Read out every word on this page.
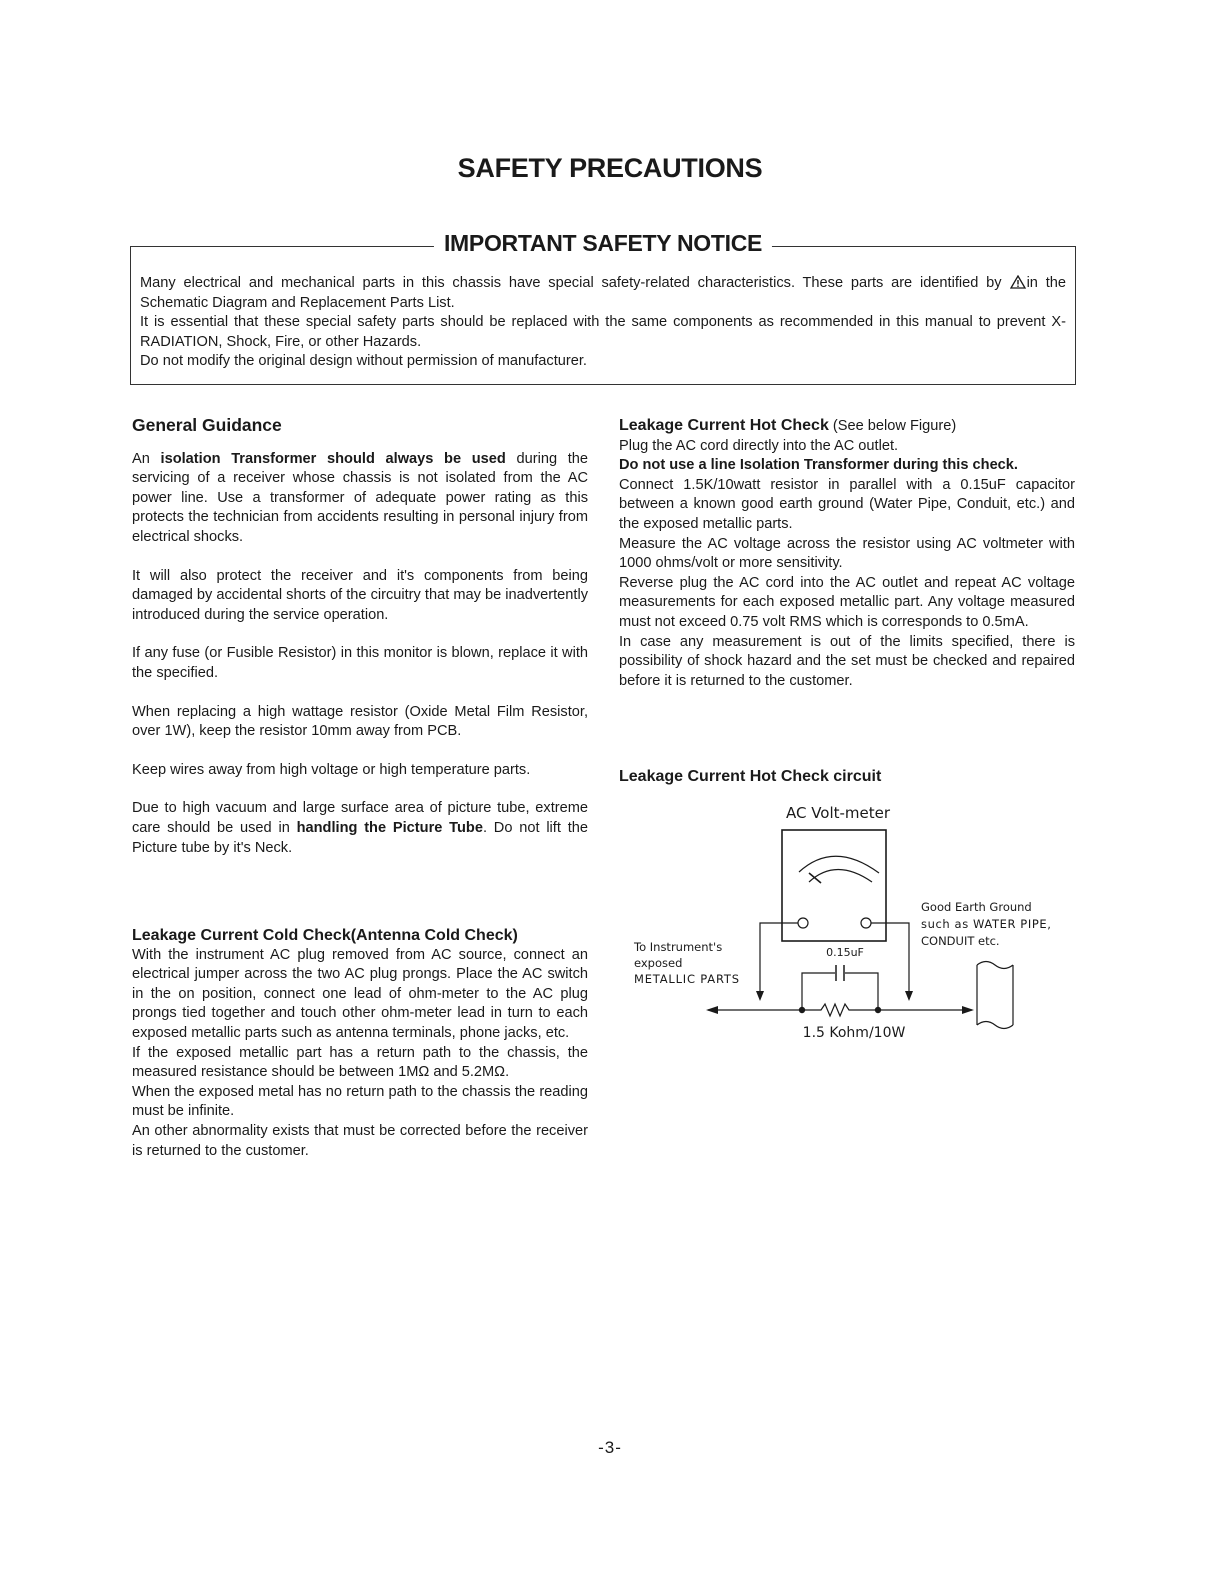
SAFETY PRECAUTIONS
IMPORTANT SAFETY NOTICE

Many electrical and mechanical parts in this chassis have special safety-related characteristics. These parts are identified by in the Schematic Diagram and Replacement Parts List.

It is essential that these special safety parts should be replaced with the same components as recommended in this manual to prevent X-RADIATION, Shock, Fire, or other Hazards.

Do not modify the original design without permission of manufacturer.

General Guidance

An isolation Transformer should always be used during the servicing of a receiver whose chassis is not isolated from the AC power line. Use a transformer of adequate power rating as this protects the technician from accidents resulting in personal injury from electrical shocks.

It will also protect the receiver and it's components from being damaged by accidental shorts of the circuitry that may be inadvertently introduced during the service operation.

If any fuse (or Fusible Resistor) in this monitor is blown, replace it with the specified.

When replacing a high wattage resistor (Oxide Metal Film Resistor, over 1W), keep the resistor 10mm away from PCB.

Keep wires away from high voltage or high temperature parts.

Due to high vacuum and large surface area of picture tube, extreme care should be used in handling the Picture Tube. Do not lift the Picture tube by it's Neck.

Leakage Current Cold Check(Antenna Cold Check)

With the instrument AC plug removed from AC source, connect an electrical jumper across the two AC plug prongs. Place the AC switch in the on position, connect one lead of ohm-meter to the AC plug prongs tied together and touch other ohm-meter lead in turn to each exposed metallic parts such as antenna terminals, phone jacks, etc.

If the exposed metallic part has a return path to the chassis, the measured resistance should be between 1MΩ and 5.2MΩ.

When the exposed metal has no return path to the chassis the reading must be infinite.

An other abnormality exists that must be corrected before the receiver is returned to the customer.

Leakage Current Hot Check (See below Figure)

Plug the AC cord directly into the AC outlet.

Do not use a line Isolation Transformer during this check.

Connect 1.5K/10watt resistor in parallel with a 0.15uF capacitor between a known good earth ground (Water Pipe, Conduit, etc.) and the exposed metallic parts.

Measure the AC voltage across the resistor using AC voltmeter with 1000 ohms/volt or more sensitivity.

Reverse plug the AC cord into the AC outlet and repeat AC voltage measurements for each exposed metallic part. Any voltage measured must not exceed 0.75 volt RMS which is corresponds to 0.5mA.

In case any measurement is out of the limits specified, there is possibility of shock hazard and the set must be checked and repaired before it is returned to the customer.

Leakage Current Hot Check circuit
AC Volt-meter
To Instrument's
exposed
METALLIC PARTS
Good Earth Ground
such as WATER PIPE,
CONDUIT etc.
0.15uF
1.5 Kohm/10W
-3-
